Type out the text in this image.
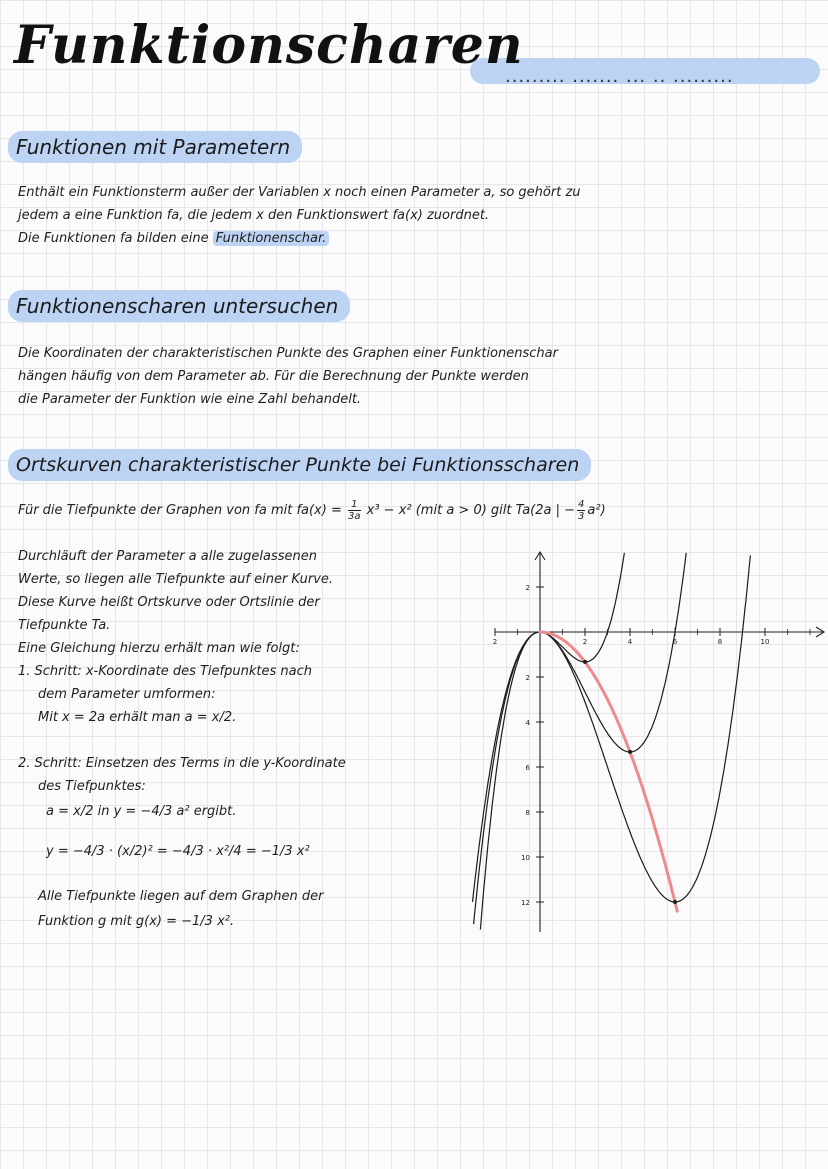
Funktionscharen
......... ....... ... .. .........
Funktionen mit Parametern
Enthält ein Funktionsterm außer der Variablen x noch einen Parameter a, so gehört zu
jedem a eine Funktion fa, die jedem x den Funktionswert fa(x) zuordnet.
Die Funktionen fa bilden eine Funktionenschar.
Funktionenscharen untersuchen
Die Koordinaten der charakteristischen Punkte des Graphen einer Funktionenschar
hängen häufig von dem Parameter ab. Für die Berechnung der Punkte werden
die Parameter der Funktion wie eine Zahl behandelt.
Ortskurven charakteristischer Punkte bei Funktionsscharen
Für die Tiefpunkte der Graphen von fa mit $fa(x) = \frac{1}{3a} x^3 - x^2$ (mit a > 0) gilt Ta(2a | − $\frac{4}{3} a^2$)
Durchläuft der Parameter a alle zugelassenen
Werte, so liegen alle Tiefpunkte auf einer Kurve.
Diese Kurve heißt Ortskurve oder Ortslinie der
Tiefpunkte Ta.
Eine Gleichung hierzu erhält man wie folgt:
1. Schritt: x-Koordinate des Tiefpunktes nach
dem Parameter umformen:
Mit x = 2a erhält man a = x/2.
2. Schritt: Einsetzen des Terms in die y-Koordinate
des Tiefpunktes:
a = x/2 in y = −4/3 a² ergibt.
y = −4/3 · (x/2)² = −4/3 · x²/4 = −1/3 x²
Alle Tiefpunkte liegen auf dem Graphen der
Funktion g mit g(x) = −1/3 x².
2	2	4	6	8	10
2
2
4
6
8
10
12
